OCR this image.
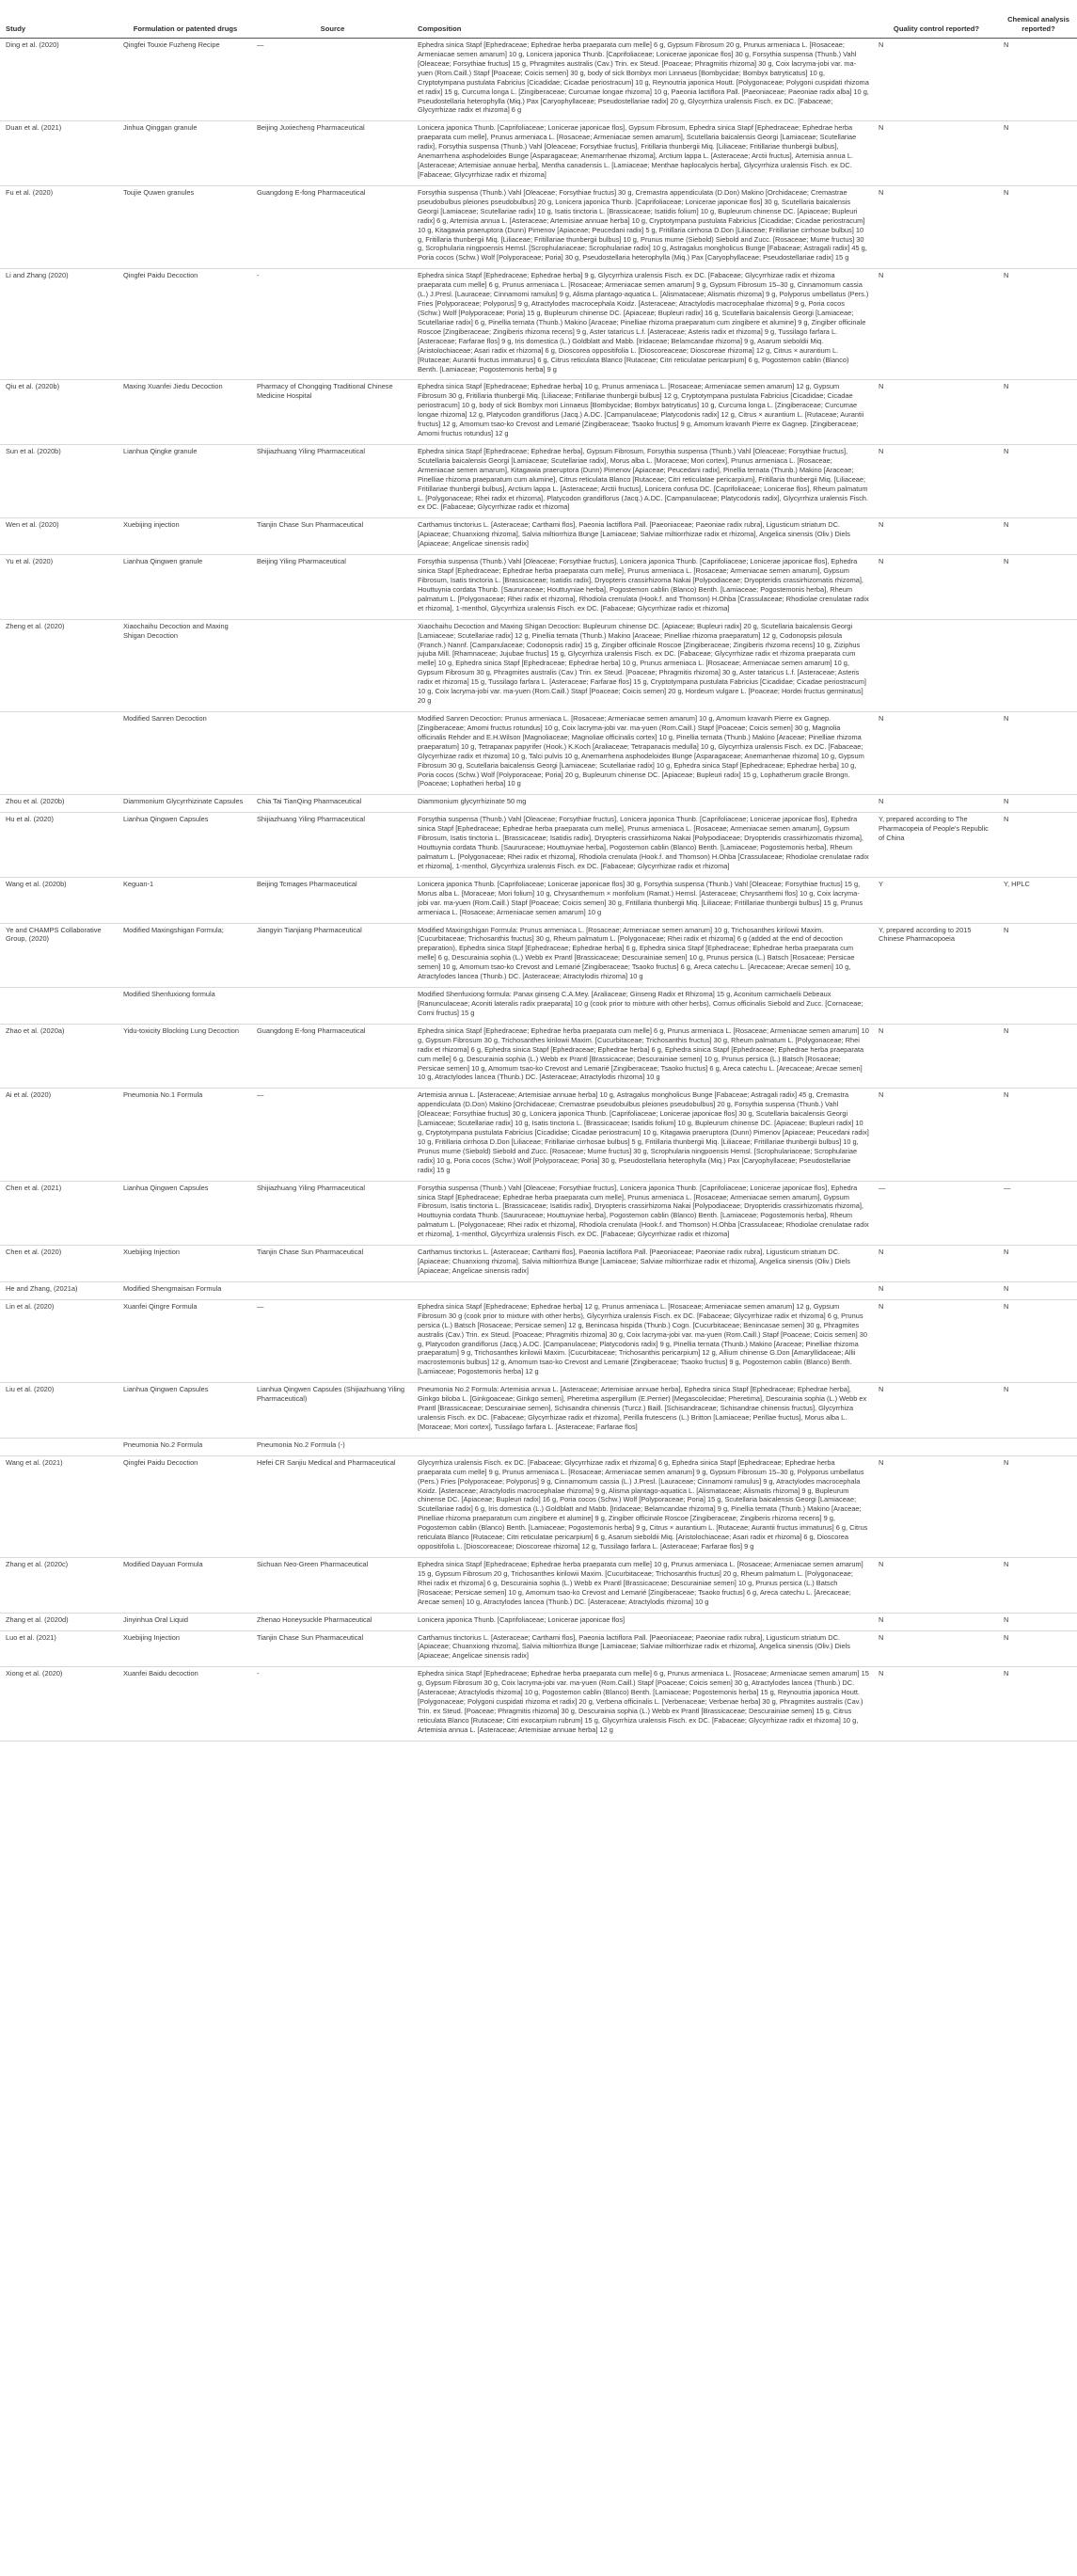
Study	Formulation or patented drugs	Source	Composition	Quality control reported?	Chemical analysis reported?
Ding et al. (2020)	Qingfei Touxie Fuzheng Recipe	—	Ephedra sinica Stapf [Ephedraceae; Ephedrae herba praeparata cum melle] 6 g, Gypsum Fibrosum 20 g, Prunus armeniaca L. [Rosaceae; Armeniacae semen amarum] 10 g, Lonicera japonica Thunb. [Caprifoliaceae; Lonicerae japonicae flos] 30 g, Forsythia suspensa (Thunb.) Vahl [Oleaceae; Forsythiae fructus] 15 g, Phragmites australis (Cav.) Trin. ex Steud. [Poaceae; Phragmitis rhizoma] 30 g, Coix lacryma-jobi var. ma-yuen (Rom.Caill.) Stapf [Poaceae; Coicis semen] 30 g, body of sick Bombyx mori Linnaeus [Bombycidae; Bombyx batryticatus] 10 g, Cryptotympana pustulata Fabricius [Cicadidae; Cicadae periostracum] 10 g, Reynoutria japonica Houtt. [Polygonaceae; Polygoni cuspidati rhizoma et radix] 15 g, Curcuma longa L. [Zingiberaceae; Curcumae longae rhizoma] 10 g, Paeonia lactiflora Pall. [Paeoniaceae; Paeoniae radix alba] 10 g, Pseudostellaria heterophylla (Miq.) Pax [Caryophyllaceae; Pseudostellariae radix] 20 g, Glycyrrhiza uralensis Fisch. ex DC. [Fabaceae; Glycyrrhizae radix et rhizoma] 6 g	N	N
Duan et al. (2021)	Jinhua Qinggan granule	Beijing Juxiecheng Pharmaceutical	Lonicera japonica Thunb. [Caprifoliaceae; Lonicerae japonicae flos], Gypsum Fibrosum, Ephedra sinica Stapf [Ephedraceae; Ephedrae herba praeparata cum melle], Prunus armeniaca L. [Rosaceae; Armeniacae semen amarum], Scutellaria baicalensis Georgi [Lamiaceae; Scutellariae radix], Forsythia suspensa (Thunb.) Vahl [Oleaceae; Forsythiae fructus], Fritillaria thunbergii Miq. [Liliaceae; Fritillariae thunbergii bulbus], Anemarrhena asphodeloides Bunge [Asparagaceae; Anemarrhenae rhizoma], Arctium lappa L. [Asteraceae; Arctii fructus], Artemisia annua L. [Asteraceae; Artemisiae annuae herba], Mentha canadensis L. [Lamiaceae; Menthae haplocalycis herba], Glycyrrhiza uralensis Fisch. ex DC. [Fabaceae; Glycyrrhizae radix et rhizoma]	N	N
Fu et al. (2020)	Toujie Quwen granules	Guangdong E-fong Pharmaceutical	Forsythia suspensa (Thunb.) Vahl [Oleaceae; Forsythiae fructus] 30 g, Cremastra appendiculata (D.Don) Makino [Orchidaceae; Cremastrae pseudobulbus pleiones pseudobulbus] 20 g, Lonicera japonica Thunb. [Caprifoliaceae; Lonicerae japonicae flos] 30 g, Scutellaria baicalensis Georgi [Lamiaceae; Scutellariae radix] 10 g, Isatis tinctoria L. [Brassicaceae; Isatidis folium] 10 g, Bupleurum chinense DC. [Apiaceae; Bupleuri radix] 6 g, Artemisia annua L. [Asteraceae; Artemisiae annuae herba] 10 g, Cryptotympana pustulata Fabricius [Cicadidae; Cicadae periostracum] 10 g, Kitagawia praeruptora (Dunn) Pimenov [Apiaceae; Peucedani radix] 5 g, Fritillaria cirrhosa D.Don [Liliaceae; Fritillariae cirrhosae bulbus] 10 g, Fritillaria thunbergii Miq. [Liliaceae; Fritillariae thunbergii bulbus] 10 g, Prunus mume (Siebold) Siebold and Zucc. [Rosaceae; Mume fructus] 30 g, Scrophularia ningpoensis Hemsl. [Scrophulariaceae; Scrophulariae radix] 10 g, Astragalus mongholicus Bunge [Fabaceae; Astragali radix] 45 g, Poria cocos (Schw.) Wolf [Polyporaceae; Poria] 30 g, Pseudostellaria heterophylla (Miq.) Pax [Caryophyllaceae; Pseudostellariae radix] 15 g	N	N
Li and Zhang (2020)	Qingfei Paidu Decoction	-	Ephedra sinica Stapf [Ephedraceae; Ephedrae herba] 9 g, Glycyrrhiza uralensis Fisch. ex DC. [Fabaceae; Glycyrrhizae radix et rhizoma praeparata cum melle] 6 g, Prunus armeniaca L. [Rosaceae; Armeniacae semen amarum] 9 g, Gypsum Fibrosum 15–30 g, Cinnamomum cassia (L.) J.Presl. [Lauraceae; Cinnamomi ramulus] 9 g, Alisma plantago-aquatica L. [Alismataceae; Alismatis rhizoma] 9 g, Polyporus umbellatus (Pers.) Fries [Polyporaceae; Polyporus] 9 g, Atractylodes macrocephala Koidz. [Asteraceae; Atractylodis macrocephalae rhizoma] 9 g, Poria cocos (Schw.) Wolf [Polyporaceae; Poria] 15 g, Bupleurum chinense DC. [Apiaceae; Bupleuri radix] 16 g, Scutellaria baicalensis Georgi [Lamiaceae; Scutellariae radix] 6 g, Pinellia ternata (Thunb.) Makino [Araceae; Pinelliae rhizoma praeparatum cum zingibere et alumine] 9 g, Zingiber officinale Roscoe [Zingiberaceae; Zingiberis rhizoma recens] 9 g, Aster tataricus L.f. [Asteraceae; Asteris radix et rhizoma] 9 g, Tussilago farfara L. [Asteraceae; Farfarae flos] 9 g, Iris domestica (L.) Goldblatt and Mabb. [Iridaceae; Belamcandae rhizoma] 9 g, Asarum sieboldii Miq. [Aristolochiaceae; Asari radix et rhizoma] 6 g, Dioscorea oppositifolia L. [Dioscoreaceae; Dioscoreae rhizoma] 12 g, Citrus × aurantium L. [Rutaceae; Aurantii fructus immaturus] 6 g, Citrus reticulata Blanco [Rutaceae; Citri reticulatae pericarpium] 6 g, Pogostemon cablin (Blanco) Benth. [Lamiaceae; Pogostemonis herba] 9 g	N	N
Qiu et al. (2020b)	Maxing Xuanfei Jiedu Decoction	Pharmacy of Chongqing Traditional Chinese Medicine Hospital	Ephedra sinica Stapf [Ephedraceae; Ephedrae herba] 10 g, Prunus armeniaca L. [Rosaceae; Armeniacae semen amarum] 12 g, Gypsum Fibrosum 30 g, Fritillaria thunbergii Miq. [Liliaceae; Fritillariae thunbergii bulbus] 12 g, Cryptotympana pustulata Fabricius [Cicadidae; Cicadae periostracum] 10 g, body of sick Bombyx mori Linnaeus [Bombycidae; Bombyx batryticatus] 10 g, Curcuma longa L. [Zingiberaceae; Curcumae longae rhizoma] 12 g, Platycodon grandiflorus (Jacq.) A.DC. [Campanulaceae; Platycodonis radix] 12 g, Citrus × aurantium L. [Rutaceae; Aurantii fructus] 12 g, Amomum tsao-ko Crevost and Lemarié [Zingiberaceae; Tsaoko fructus] 9 g, Amomum kravanh Pierre ex Gagnep. [Zingiberaceae; Amomi fructus rotundus] 12 g	N	N
Sun et al. (2020b)	Lianhua Qingke granule	Shijiazhuang Yiling Pharmaceutical	Ephedra sinica Stapf [Ephedraceae; Ephedrae herba], Gypsum Fibrosum, Forsythia suspensa (Thunb.) Vahl [Oleaceae; Forsythiae fructus], Scutellaria baicalensis Georgi [Lamiaceae; Scutellariae radix], Morus alba L. [Moraceae; Mori cortex], Prunus armeniaca L. [Rosaceae; Armeniacae semen amarum], Kitagawia praeruptora (Dunn) Pimenov [Apiaceae; Peucedani radix], Pinellia ternata (Thunb.) Makino [Araceae; Pinelliae rhizoma praeparatum cum alumine], Citrus reticulata Blanco [Rutaceae; Citri reticulatae pericarpium], Fritillaria thunbergii Miq. [Liliaceae; Fritillariae thunbergii bulbus], Arctium lappa L. [Asteraceae; Arctii fructus], Lonicera confusa DC. [Caprifoliaceae; Lonicerae flos], Rheum palmatum L. [Polygonaceae; Rhei radix et rhizoma], Platycodon grandiflorus (Jacq.) A.DC. [Campanulaceae; Platycodonis radix], Glycyrrhiza uralensis Fisch. ex DC. [Fabaceae; Glycyrrhizae radix et rhizoma]	N	N
Wen et al. (2020)	Xuebijing injection	Tianjin Chase Sun Pharmaceutical	Carthamus tinctorius L. [Asteraceae; Carthami flos], Paeonia lactiflora Pall. [Paeoniaceae; Paeoniae radix rubra], Ligusticum striatum DC. [Apiaceae; Chuanxiong rhizoma], Salvia miltiorrhiza Bunge [Lamiaceae; Salviae miltiorrhizae radix et rhizoma], Angelica sinensis (Oliv.) Diels [Apiaceae; Angelicae sinensis radix]	N	N
Yu et al. (2020)	Lianhua Qingwen granule	Beijing Yiling Pharmaceutical	Forsythia suspensa (Thunb.) Vahl [Oleaceae; Forsythiae fructus], Lonicera japonica Thunb. [Caprifoliaceae; Lonicerae japonicae flos], Ephedra sinica Stapf [Ephedraceae; Ephedrae herba praeparata cum melle], Prunus armeniaca L. [Rosaceae; Armeniacae semen amarum], Gypsum Fibrosum, Isatis tinctoria L. [Brassicaceae; Isatidis radix], Dryopteris crassirhizoma Nakai [Polypodiaceae; Dryopteridis crassirhizomatis rhizoma], Houttuynia cordata Thunb. [Saururaceae; Houttuyniae herba], Pogostemon cablin (Blanco) Benth. [Lamiaceae; Pogostemonis herba], Rheum palmatum L. [Polygonaceae; Rhei radix et rhizoma], Rhodiola crenulata (Hook.f. and Thomson) H.Ohba [Crassulaceae; Rhodiolae crenulatae radix et rhizoma], 1-menthol, Glycyrrhiza uralensis Fisch. ex DC. [Fabaceae; Glycyrrhizae radix et rhizoma]	N	N
Zheng et al. (2020)	Xiaochaihu Decoction and Maxing Shigan Decoction		Xiaochaihu Decoction and Maxing Shigan Decoction: Bupleurum chinense DC. [Apiaceae; Bupleuri radix] 20 g, Scutellaria baicalensis Georgi [Lamiaceae; Scutellariae radix] 12 g, Pinellia ternata (Thunb.) Makino [Araceae; Pinelliae rhizoma praeparatum] 12 g, Codonopsis pilosula (Franch.) Nannf. [Campanulaceae; Codonopsis radix] 15 g, Zingiber officinale Roscoe [Zingiberaceae; Zingiberis rhizoma recens] 10 g, Ziziphus jujuba Mill. [Rhamnaceae; Jujubae fructus] 15 g, Glycyrrhiza uralensis Fisch. ex DC. [Fabaceae; Glycyrrhizae radix et rhizoma praeparata cum melle] 10 g, Ephedra sinica Stapf [Ephedraceae; Ephedrae herba] 10 g, Prunus armeniaca L. [Rosaceae; Armeniacae semen amarum] 10 g, Gypsum Fibrosum 30 g, Phragmites australis (Cav.) Trin. ex Steud. [Poaceae; Phragmitis rhizoma] 30 g, Aster tataricus L.f. [Asteraceae; Asteris radix et rhizoma] 15 g, Tussilago farfara L. [Asteraceae; Farfarae flos] 15 g, Cryptotympana pustulata Fabricius [Cicadidae; Cicadae periostracum] 10 g, Coix lacryma-jobi var. ma-yuen (Rom.Caill.) Stapf [Poaceae; Coicis semen] 20 g, Hordeum vulgare L. [Poaceae; Hordei fructus germinatus] 20 g		
	Modified Sanren Decoction		Modified Sanren Decoction: Prunus armeniaca L. [Rosaceae; Armeniacae semen amarum] 10 g, Amomum kravanh Pierre ex Gagnep. [Zingiberaceae; Amomi fructus rotundus] 10 g, Coix lacryma-jobi var. ma-yuen (Rom.Caill.) Stapf [Poaceae; Coicis semen] 30 g, Magnolia officinalis Rehder and E.H.Wilson [Magnoliaceae; Magnoliae officinalis cortex] 10 g, Pinellia ternata (Thunb.) Makino [Araceae; Pinelliae rhizoma praeparatum] 10 g, Tetrapanax papyrifer (Hook.) K.Koch [Araliaceae; Tetrapanacis medulla] 10 g, Glycyrrhiza uralensis Fisch. ex DC. [Fabaceae; Glycyrrhizae radix et rhizoma] 10 g, Talci pulvis 10 g, Anemarrhena asphodeloides Bunge [Asparagaceae; Anemarrhenae rhizoma] 10 g, Gypsum Fibrosum 30 g, Scutellaria baicalensis Georgi [Lamiaceae; Scutellariae radix] 10 g, Ephedra sinica Stapf [Ephedraceae; Ephedrae herba] 10 g, Poria cocos (Schw.) Wolf [Polyporaceae; Poria] 20 g, Bupleurum chinense DC. [Apiaceae; Bupleuri radix] 15 g, Lophatherum gracile Brongn. [Poaceae; Lophatheri herba] 10 g	N	N
Zhou et al. (2020b)	Diammonium Glycyrrhizinate Capsules	Chia Tai TianQing Pharmaceutical	Diammonium glycyrrhizinate 50 mg	N	N
Hu et al. (2020)	Lianhua Qingwen Capsules	Shijiazhuang Yiling Pharmaceutical	Forsythia suspensa (Thunb.) Vahl [Oleaceae; Forsythiae fructus], Lonicera japonica Thunb. [Caprifoliaceae; Lonicerae japonicae flos], Ephedra sinica Stapf [Ephedraceae; Ephedrae herba praeparata cum melle], Prunus armeniaca L. [Rosaceae; Armeniacae semen amarum], Gypsum Fibrosum, Isatis tinctoria L. [Brassicaceae; Isatidis radix], Dryopteris crassirhizoma Nakai [Polypodiaceae; Dryopteridis crassirhizomatis rhizoma], Houttuynia cordata Thunb. [Saururaceae; Houttuyniae herba], Pogostemon cablin (Blanco) Benth. [Lamiaceae; Pogostemonis herba], Rheum palmatum L. [Polygonaceae; Rhei radix et rhizoma], Rhodiola crenulata (Hook.f. and Thomson) H.Ohba [Crassulaceae; Rhodiolae crenulatae radix et rhizoma], 1-menthol, Glycyrrhiza uralensis Fisch. ex DC. [Fabaceae; Glycyrrhizae radix et rhizoma]	Y, prepared according to The Pharmacopeia of People's Republic of China	N
Wang et al. (2020b)	Keguan-1	Beijing Tcmages Pharmaceutical	Lonicera japonica Thunb. [Caprifoliaceae; Lonicerae japonicae flos] 30 g, Forsythia suspensa (Thunb.) Vahl [Oleaceae; Forsythiae fructus] 15 g, Morus alba L. [Moraceae; Mori folium] 10 g, Chrysanthemum × morifolium (Ramat.) Hemsl. [Asteraceae; Chrysanthemi flos] 10 g, Coix lacryma-jobi var. ma-yuen (Rom.Caill.) Stapf [Poaceae; Coicis semen] 30 g, Fritillaria thunbergii Miq. [Liliaceae; Fritillariae thunbergii bulbus] 15 g, Prunus armeniaca L. [Rosaceae; Armeniacae semen amarum] 10 g	Y	Y, HPLC
Ye and CHAMPS Collaborative Group, (2020)	Modified Maxingshigan Formula;	Jiangyin Tianjiang Pharmaceutical	Modified Maxingshigan Formula: Prunus armeniaca L. [Rosaceae; Armeniacae semen amarum] 10 g, Trichosanthes kirilowii Maxim. [Cucurbitaceae; Trichosanthis fructus] 30 g, Rheum palmatum L. [Polygonaceae; Rhei radix et rhizoma] 6 g (added at the end of decoction preparation), Ephedra sinica Stapf [Ephedraceae; Ephedrae herba] 6 g, Ephedra sinica Stapf [Ephedraceae; Ephedrae herba praeparata cum melle] 6 g, Descurainia sophia (L.) Webb ex Prantl [Brassicaceae; Descurainiae semen] 10 g, Prunus persica (L.) Batsch [Rosaceae; Persicae semen] 10 g, Amomum tsao-ko Crevost and Lemarié [Zingiberaceae; Tsaoko fructus] 6 g, Areca catechu L. [Arecaceae; Arecae semen] 10 g, Atractylodes lancea (Thunb.) DC. [Asteraceae; Atractylodis rhizoma] 10 g	Y, prepared according to 2015 Chinese Pharmacopoeia	N
	Modified Shenfuxiong formula		Modified Shenfuxiong formula: Panax ginseng C.A.Mey. [Araliaceae; Ginseng Radix et Rhizoma] 15 g, Aconitum carmichaelii Debeaux [Ranunculaceae; Aconiti lateralis radix praeparata] 10 g (cook prior to mixture with other herbs), Cornus officinalis Siebold and Zucc. [Cornaceae; Corni fructus] 15 g		
Zhao et al. (2020a)	Yidu-toxicity Blocking Lung Decoction	Guangdong E-fong Pharmaceutical	Ephedra sinica Stapf [Ephedraceae; Ephedrae herba praeparata cum melle] 6 g, Prunus armeniaca L. [Rosaceae; Armeniacae semen amarum] 10 g, Gypsum Fibrosum 30 g, Trichosanthes kirilowii Maxim. [Cucurbitaceae; Trichosanthis fructus] 30 g, Rheum palmatum L. [Polygonaceae; Rhei radix et rhizoma] 6 g, Ephedra sinica Stapf [Ephedraceae; Ephedrae herba] 6 g, Ephedra sinica Stapf [Ephedraceae; Ephedrae herba praeparata cum melle] 6 g, Descurainia sophia (L.) Webb ex Prantl [Brassicaceae; Descurainiae semen] 10 g, Prunus persica (L.) Batsch [Rosaceae; Persicae semen] 10 g, Amomum tsao-ko Crevost and Lemarié [Zingiberaceae; Tsaoko fructus] 6 g, Areca catechu L. [Arecaceae; Arecae semen] 10 g, Atractylodes lancea (Thunb.) DC. [Asteraceae; Atractylodis rhizoma] 10 g	N	N
Ai et al. (2020)	Pneumonia No.1 Formula	—	Artemisia annua L. [Asteraceae; Artemisiae annuae herba] 10 g, Astragalus mongholicus Bunge [Fabaceae; Astragali radix] 45 g, Cremastra appendiculata (D.Don) Makino [Orchidaceae; Cremastrae pseudobulbus pleiones pseudobulbus] 20 g, Forsythia suspensa (Thunb.) Vahl [Oleaceae; Forsythiae fructus] 30 g, Lonicera japonica Thunb. [Caprifoliaceae; Lonicerae japonicae flos] 30 g, Scutellaria baicalensis Georgi [Lamiaceae; Scutellariae radix] 10 g, Isatis tinctoria L. [Brassicaceae; Isatidis folium] 10 g, Bupleurum chinense DC. [Apiaceae; Bupleuri radix] 10 g, Cryptotympana pustulata Fabricius [Cicadidae; Cicadae periostracum] 10 g, Kitagawia praeruptora (Dunn) Pimenov [Apiaceae; Peucedani radix] 10 g, Fritillaria cirrhosa D.Don [Liliaceae; Fritillariae cirrhosae bulbus] 5 g, Fritillaria thunbergii Miq. [Liliaceae; Fritillariae thunbergii bulbus] 10 g, Prunus mume (Siebold) Siebold and Zucc. [Rosaceae; Mume fructus] 30 g, Scrophularia ningpoensis Hemsl. [Scrophulariaceae; Scrophulariae radix] 10 g, Poria cocos (Schw.) Wolf [Polyporaceae; Poria] 30 g, Pseudostellaria heterophylla (Miq.) Pax [Caryophyllaceae; Pseudostellariae radix] 15 g	N	N
Chen et al. (2021)	Lianhua Qingwen Capsules	Shijiazhuang Yiling Pharmaceutical	Forsythia suspensa (Thunb.) Vahl [Oleaceae; Forsythiae fructus], Lonicera japonica Thunb. [Caprifoliaceae; Lonicerae japonicae flos], Ephedra sinica Stapf [Ephedraceae; Ephedrae herba praeparata cum melle], Prunus armeniaca L. [Rosaceae; Armeniacae semen amarum], Gypsum Fibrosum, Isatis tinctoria L. [Brassicaceae; Isatidis radix], Dryopteris crassirhizoma Nakai [Polypodiaceae; Dryopteridis crassirhizomatis rhizoma], Houttuynia cordata Thunb. [Saururaceae; Houttuyniae herba], Pogostemon cablin (Blanco) Benth. [Lamiaceae; Pogostemonis herba], Rheum palmatum L. [Polygonaceae; Rhei radix et rhizoma], Rhodiola crenulata (Hook.f. and Thomson) H.Ohba [Crassulaceae; Rhodiolae crenulatae radix et rhizoma], 1-menthol, Glycyrrhiza uralensis Fisch. ex DC. [Fabaceae; Glycyrrhizae radix et rhizoma]	—	—
Chen et al. (2020)	Xuebijing Injection	Tianjin Chase Sun Pharmaceutical	Carthamus tinctorius L. [Asteraceae; Carthami flos], Paeonia lactiflora Pall. [Paeoniaceae; Paeoniae radix rubra], Ligusticum striatum DC. [Apiaceae; Chuanxiong rhizoma], Salvia miltiorrhiza Bunge [Lamiaceae; Salviae miltiorrhizae radix et rhizoma], Angelica sinensis (Oliv.) Diels [Apiaceae; Angelicae sinensis radix]	N	N
He and Zhang, (2021a)	Modified Shengmaisan Formula			N	N
Lin et al. (2020)	Xuanfei Qingre Formula	—	Ephedra sinica Stapf [Ephedraceae; Ephedrae herba] 12 g, Prunus armeniaca L. [Rosaceae; Armeniacae semen amarum] 12 g, Gypsum Fibrosum 30 g (cook prior to mixture with other herbs), Glycyrrhiza uralensis Fisch. ex DC. [Fabaceae; Glycyrrhizae radix et rhizoma] 6 g, Prunus persica (L.) Batsch [Rosaceae; Persicae semen] 12 g, Benincasa hispida (Thunb.) Cogn. [Cucurbitaceae; Benincasae semen] 30 g, Phragmites australis (Cav.) Trin. ex Steud. [Poaceae; Phragmitis rhizoma] 30 g, Coix lacryma-jobi var. ma-yuen (Rom.Caill.) Stapf [Poaceae; Coicis semen] 30 g, Platycodon grandiflorus (Jacq.) A.DC. [Campanulaceae; Platycodonis radix] 9 g, Pinellia ternata (Thunb.) Makino [Araceae; Pinelliae rhizoma praeparatum] 9 g, Trichosanthes kirilowii Maxim. [Cucurbitaceae; Trichosanthis pericarpium] 12 g, Allium chinense G.Don [Amaryllidaceae; Allii macrostemonis bulbus] 12 g, Amomum tsao-ko Crevost and Lemarié [Zingiberaceae; Tsaoko fructus] 9 g, Pogostemon cablin (Blanco) Benth. [Lamiaceae; Pogostemonis herba] 12 g	N	N
Liu et al. (2020)	Lianhua Qingwen Capsules	Lianhua Qingwen Capsules (Shijiazhuang Yiling Pharmaceutical)	Pneumonia No.2 Formula: Artemisia annua L. [Asteraceae; Artemisiae annuae herba], Ephedra sinica Stapf [Ephedraceae; Ephedrae herba], Ginkgo biloba L. [Ginkgoaceae; Ginkgo semen], Pheretima aspergillum (E.Perrier) [Megascolecidae; Pheretima], Descurainia sophia (L.) Webb ex Prantl [Brassicaceae; Descurainiae semen], Schisandra chinensis (Turcz.) Baill. [Schisandraceae; Schisandrae chinensis fructus], Glycyrrhiza uralensis Fisch. ex DC. [Fabaceae; Glycyrrhizae radix et rhizoma], Perilla frutescens (L.) Britton [Lamiaceae; Perillae fructus], Morus alba L. [Moraceae; Mori cortex], Tussilago farfara L. [Asteraceae; Farfarae flos]	N	N
	Pneumonia No.2 Formula	Pneumonia No.2 Formula (-)			
Wang et al. (2021)	Qingfei Paidu Decoction	Hefei CR Sanjiu Medical and Pharmaceutical	Glycyrrhiza uralensis Fisch. ex DC. [Fabaceae; Glycyrrhizae radix et rhizoma] 6 g, Ephedra sinica Stapf [Ephedraceae; Ephedrae herba praeparata cum melle] 9 g, Prunus armeniaca L. [Rosaceae; Armeniacae semen amarum] 9 g, Gypsum Fibrosum 15–30 g, Polyporus umbellatus (Pers.) Fries [Polyporaceae; Polyporus] 9 g, Cinnamomum cassia (L.) J.Presl. [Lauraceae; Cinnamomi ramulus] 9 g, Atractylodes macrocephala Koidz. [Asteraceae; Atractylodis macrocephalae rhizoma] 9 g, Alisma plantago-aquatica L. [Alismataceae; Alismatis rhizoma] 9 g, Bupleurum chinense DC. [Apiaceae; Bupleuri radix] 16 g, Poria cocos (Schw.) Wolf [Polyporaceae; Poria] 15 g, Scutellaria baicalensis Georgi [Lamiaceae; Scutellariae radix] 6 g, Iris domestica (L.) Goldblatt and Mabb. [Iridaceae; Belamcandae rhizoma] 9 g, Pinellia ternata (Thunb.) Makino [Araceae; Pinelliae rhizoma praeparatum cum zingibere et alumine] 9 g, Zingiber officinale Roscoe [Zingiberaceae; Zingiberis rhizoma recens] 9 g, Pogostemon cablin (Blanco) Benth. [Lamiaceae; Pogostemonis herba] 9 g, Citrus × aurantium L. [Rutaceae; Aurantii fructus immaturus] 6 g, Citrus reticulata Blanco [Rutaceae; Citri reticulatae pericarpium] 6 g, Asarum sieboldii Miq. [Aristolochiaceae; Asari radix et rhizoma] 6 g, Dioscorea oppositifolia L. [Dioscoreaceae; Dioscoreae rhizoma] 12 g, Tussilago farfara L. [Asteraceae; Farfarae flos] 9 g	N	N
Zhang et al. (2020c)	Modified Dayuan Formula	Sichuan Neo-Green Pharmaceutical	Ephedra sinica Stapf [Ephedraceae; Ephedrae herba praeparata cum melle] 10 g, Prunus armeniaca L. [Rosaceae; Armeniacae semen amarum] 15 g, Gypsum Fibrosum 20 g, Trichosanthes kirilowii Maxim. [Cucurbitaceae; Trichosanthis fructus] 20 g, Rheum palmatum L. [Polygonaceae; Rhei radix et rhizoma] 6 g, Descurainia sophia (L.) Webb ex Prantl [Brassicaceae; Descurainiae semen] 10 g, Prunus persica (L.) Batsch [Rosaceae; Persicae semen] 10 g, Amomum tsao-ko Crevost and Lemarié [Zingiberaceae; Tsaoko fructus] 6 g, Areca catechu L. [Arecaceae; Arecae semen] 10 g, Atractylodes lancea (Thunb.) DC. [Asteraceae; Atractylodis rhizoma] 10 g	N	N
Zhang et al. (2020d)	Jinyinhua Oral Liquid	Zhenao Honeysuckle Pharmaceutical	Lonicera japonica Thunb. [Caprifoliaceae; Lonicerae japonicae flos]	N	N
Luo et al. (2021)	Xuebijing Injection	Tianjin Chase Sun Pharmaceutical	Carthamus tinctorius L. [Asteraceae; Carthami flos], Paeonia lactiflora Pall. [Paeoniaceae; Paeoniae radix rubra], Ligusticum striatum DC. [Apiaceae; Chuanxiong rhizoma], Salvia miltiorrhiza Bunge [Lamiaceae; Salviae miltiorrhizae radix et rhizoma], Angelica sinensis (Oliv.) Diels [Apiaceae; Angelicae sinensis radix]	N	N
Xiong et al. (2020)	Xuanfei Baidu decoction	-	Ephedra sinica Stapf [Ephedraceae; Ephedrae herba praeparata cum melle] 6 g, Prunus armeniaca L. [Rosaceae; Armeniacae semen amarum] 15 g, Gypsum Fibrosum 30 g, Coix lacryma-jobi var. ma-yuen (Rom.Caill.) Stapf [Poaceae; Coicis semen] 30 g, Atractylodes lancea (Thunb.) DC. [Asteraceae; Atractylodis rhizoma] 10 g, Pogostemon cablin (Blanco) Benth. [Lamiaceae; Pogostemonis herba] 15 g, Reynoutria japonica Houtt. [Polygonaceae; Polygoni cuspidati rhizoma et radix] 20 g, Verbena officinalis L. [Verbenaceae; Verbenae herba] 30 g, Phragmites australis (Cav.) Trin. ex Steud. [Poaceae; Phragmitis rhizoma] 30 g, Descurainia sophia (L.) Webb ex Prantl [Brassicaceae; Descurainiae semen] 15 g, Citrus reticulata Blanco [Rutaceae; Citri exocarpium rubrum] 15 g, Glycyrrhiza uralensis Fisch. ex DC. [Fabaceae; Glycyrrhizae radix et rhizoma] 10 g, Artemisia annua L. [Asteraceae; Artemisiae annuae herba] 12 g	N	N
